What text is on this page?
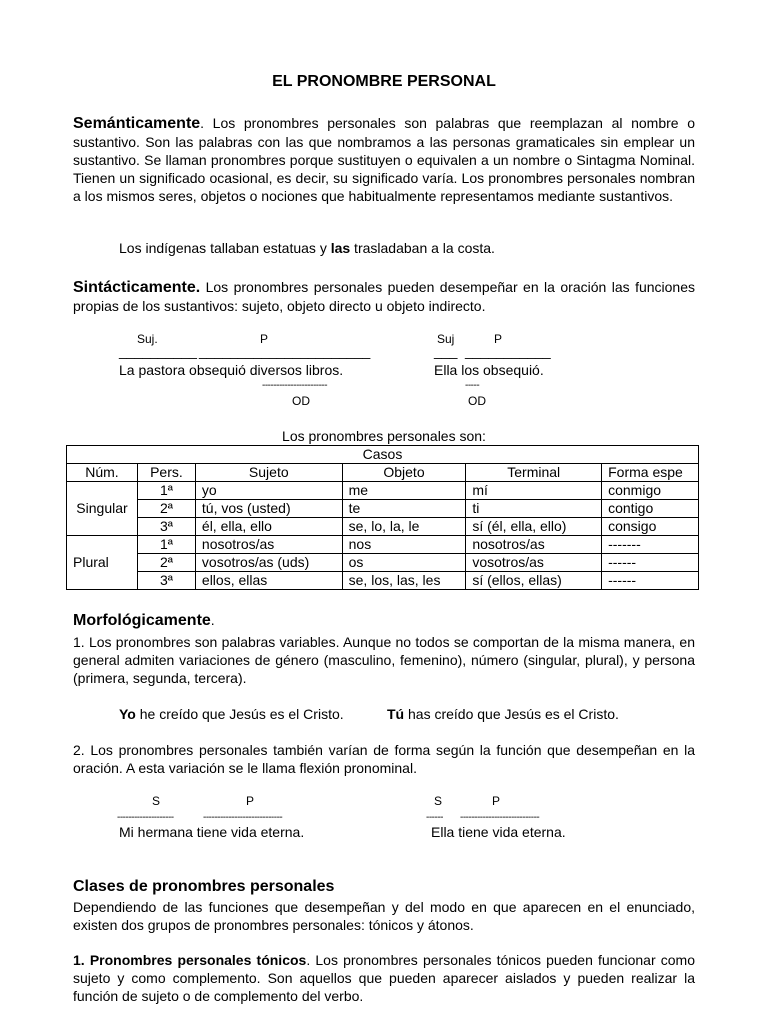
EL PRONOMBRE PERSONAL
Semánticamente. Los pronombres personales son palabras que reemplazan al nombre o sustantivo. Son las palabras con las que nombramos a las personas gramaticales sin emplear un sustantivo. Se llaman pronombres porque sustituyen o equivalen a un nombre o Sintagma Nominal. Tienen un significado ocasional, es decir, su significado varía. Los pronombres personales nombran a los mismos seres, objetos o nociones que habitualmente representamos mediante sustantivos.
Los indígenas tallaban estatuas y las trasladaban a la costa.
Sintácticamente. Los pronombres personales pueden desempeñar en la oración las funciones propias de los sustantivos: sujeto, objeto directo u objeto indirecto.
Suj.	P
__________ ______________________
La pastora obsequió diversos libros.
-----------------------
OD
Suj	P
___ ___________
Ella los obsequió.
-----
OD
Los pronombres personales son:
Casos					
Núm.	Pers.	Sujeto	Objeto	Terminal	Forma espe
Singular	1ª	yo	me	mí	conmigo
	2ª	tú, vos (usted)	te	ti	contigo
	3ª	él, ella, ello	se, lo, la, le	sí (él, ella, ello)	consigo
Plural	1ª	nosotros/as	nos	nosotros/as	-------
	2ª	vosotros/as (uds)	os	vosotros/as	------
	3ª	ellos, ellas	se, los, las, les	sí (ellos, ellas)	------
Morfológicamente.
1. Los pronombres son palabras variables. Aunque no todos se comportan de la misma manera, en general admiten variaciones de género (masculino, femenino), número (singular, plural), y persona (primera, segunda, tercera).
Yo he creído que Jesús es el Cristo.	Tú has creído que Jesús es el Cristo.
2. Los pronombres personales también varían de forma según la función que desempeñan en la oración. A esta variación se le llama flexión pronominal.
S	P
--------------------	----------------------------
Mi hermana tiene vida eterna.
S	P
------ ----------------------------
Ella tiene vida eterna.
Clases de pronombres personales
Dependiendo de las funciones que desempeñan y del modo en que aparecen en el enunciado, existen dos grupos de pronombres personales: tónicos y átonos.
1. Pronombres personales tónicos. Los pronombres personales tónicos pueden funcionar como sujeto y como complemento. Son aquellos que pueden aparecer aislados y pueden realizar la función de sujeto o de complemento del verbo.
